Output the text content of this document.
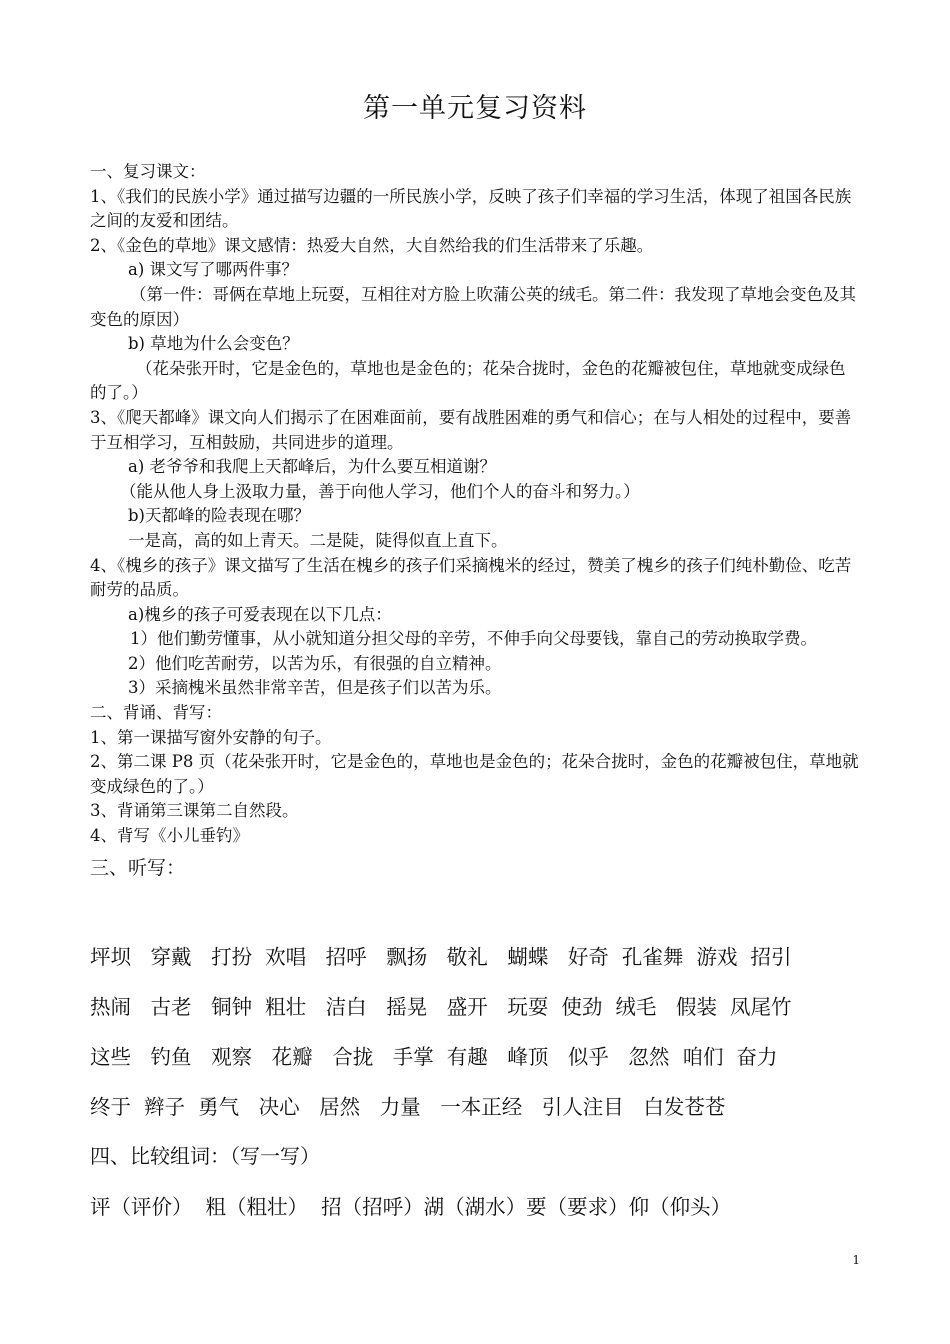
第一单元复习资料

一、复习课文：

1、《我们的民族小学》通过描写边疆的一所民族小学，反映了孩子们幸福的学习生活，体现了祖国各民族之间的友爱和团结。

2、《金色的草地》课文感情：热爱大自然，大自然给我的们生活带来了乐趣。

a) 课文写了哪两件事？

（第一件：哥俩在草地上玩耍，互相往对方脸上吹蒲公英的绒毛。第二件：我发现了草地会变色及其变色的原因）

b) 草地为什么会变色？

（花朵张开时，它是金色的，草地也是金色的；花朵合拢时，金色的花瓣被包住，草地就变成绿色的了。）

3、《爬天都峰》课文向人们揭示了在困难面前，要有战胜困难的勇气和信心；在与人相处的过程中，要善于互相学习，互相鼓励，共同进步的道理。

a) 老爷爷和我爬上天都峰后，为什么要互相道谢？

（能从他人身上汲取力量，善于向他人学习，他们个人的奋斗和努力。）

b)天都峰的险表现在哪？

一是高，高的如上青天。二是陡，陡得似直上直下。

4、《槐乡的孩子》课文描写了生活在槐乡的孩子们采摘槐米的经过，赞美了槐乡的孩子们纯朴勤俭、吃苦耐劳的品质。

a)槐乡的孩子可爱表现在以下几点：

1）他们勤劳懂事，从小就知道分担父母的辛劳，不伸手向父母要钱，靠自己的劳动换取学费。

2）他们吃苦耐劳，以苦为乐，有很强的自立精神。

3）采摘槐米虽然非常辛苦，但是孩子们以苦为乐。

二、背诵、背写：

1、第一课描写窗外安静的句子。

2、第二课 P8 页（花朵张开时，它是金色的，草地也是金色的；花朵合拢时，金色的花瓣被包住，草地就变成绿色的了。）

3、背诵第三课第二自然段。

4、背写《小儿垂钓》

三、听写：

坪坝   穿戴   打扮  欢唱   招呼   飘扬   敬礼   蝴蝶   好奇  孔雀舞  游戏  招引
热闹   古老   铜钟  粗壮   洁白   摇晃   盛开   玩耍  使劲  绒毛   假装  凤尾竹
这些   钓鱼   观察   花瓣   合拢   手掌  有趣   峰顶   似乎   忽然  咱们  奋力
终于  辫子  勇气   决心   居然   力量   一本正经   引人注目   白发苍苍
四、比较组词：（写一写）
评（评价）  粗（粗壮）  招（招呼）湖（湖水）要（要求）仰（仰头）
1
